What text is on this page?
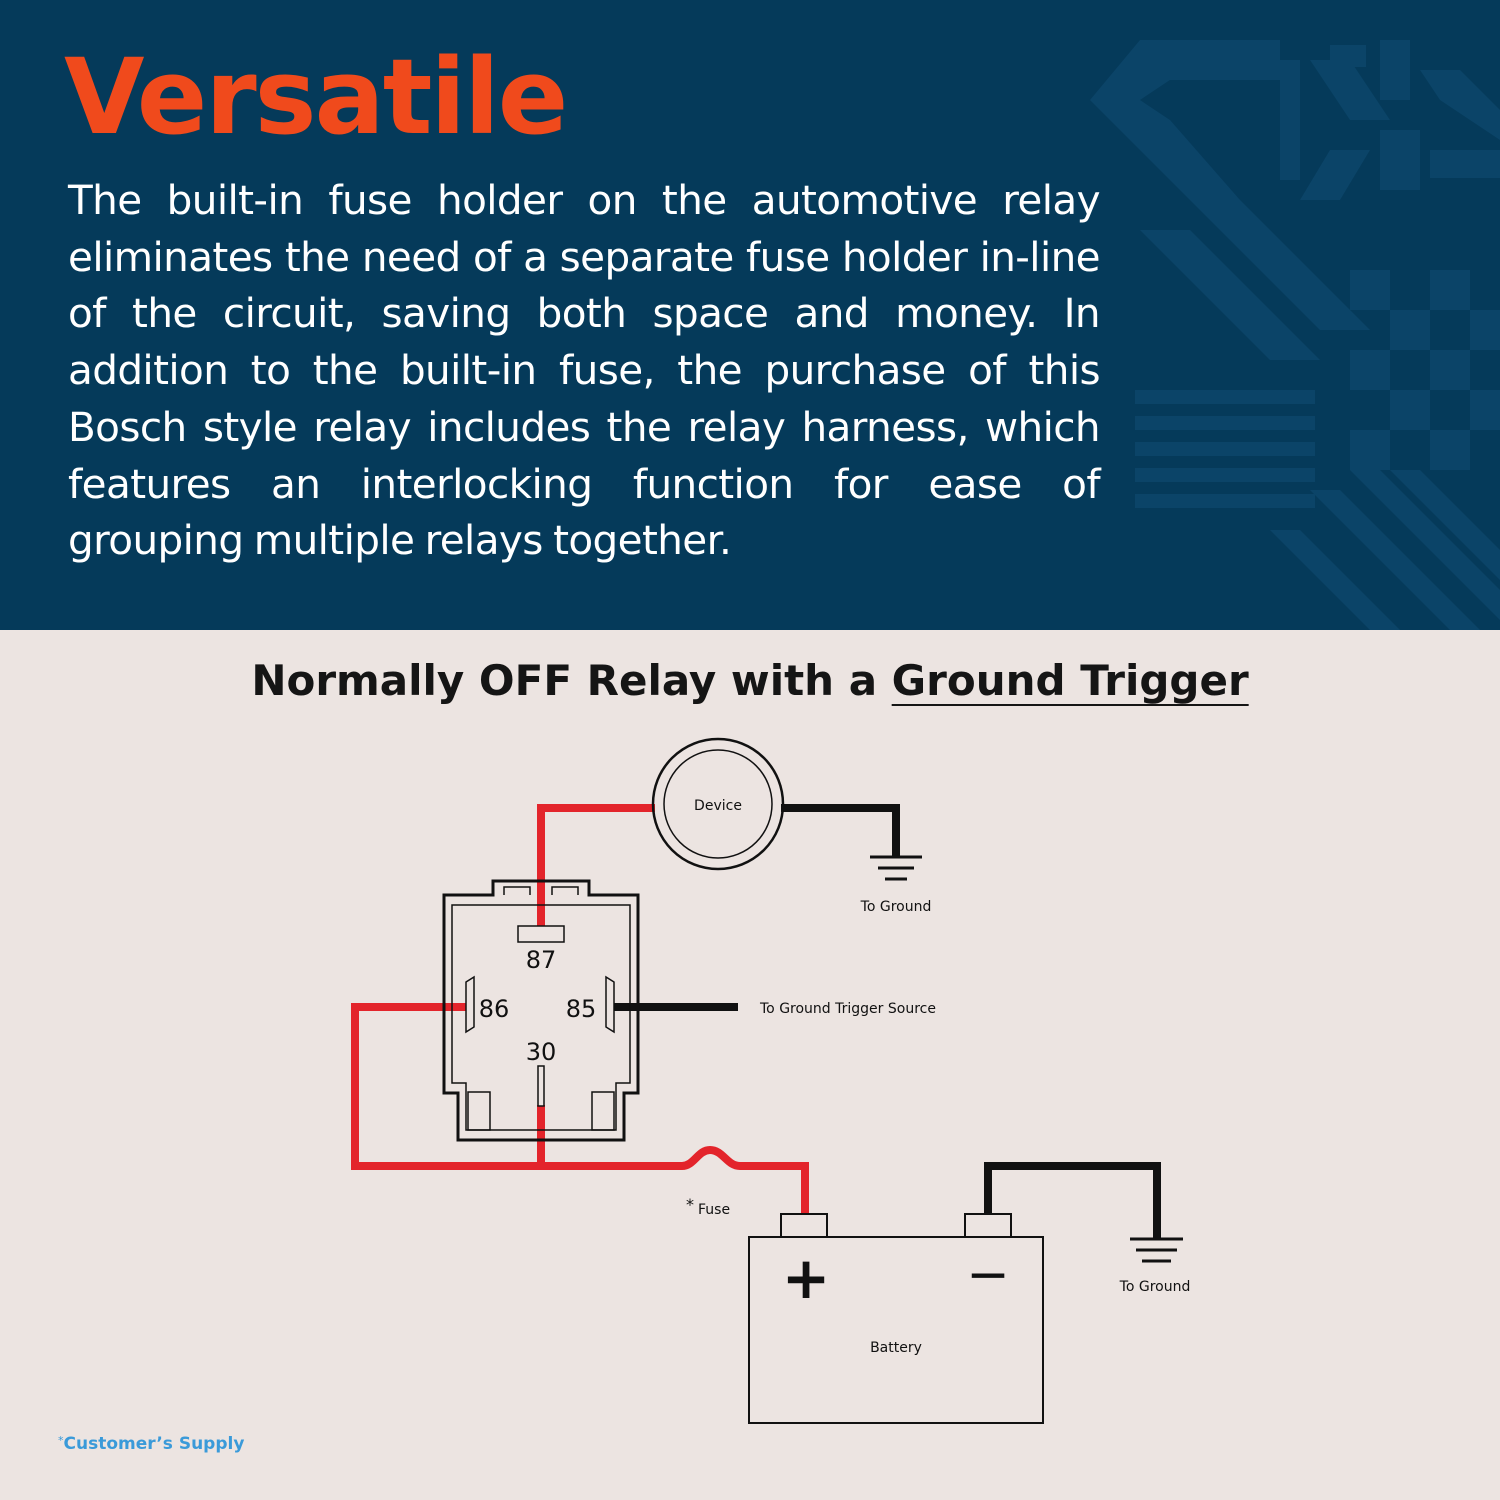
Versatile

The built-in fuse holder on the automotive relay eliminates the need of a separate fuse holder in-line of the circuit, saving both space and money. In addition to the built-in fuse, the purchase of this Bosch style relay includes the relay harness, which features an interlocking function for ease of grouping multiple relays together.

Normally OFF Relay with a Ground Trigger
Device
87
86 85
30
+	−
Battery
To Ground
To Ground
To Ground Trigger Source
* Fuse

*Customer’s Supply
